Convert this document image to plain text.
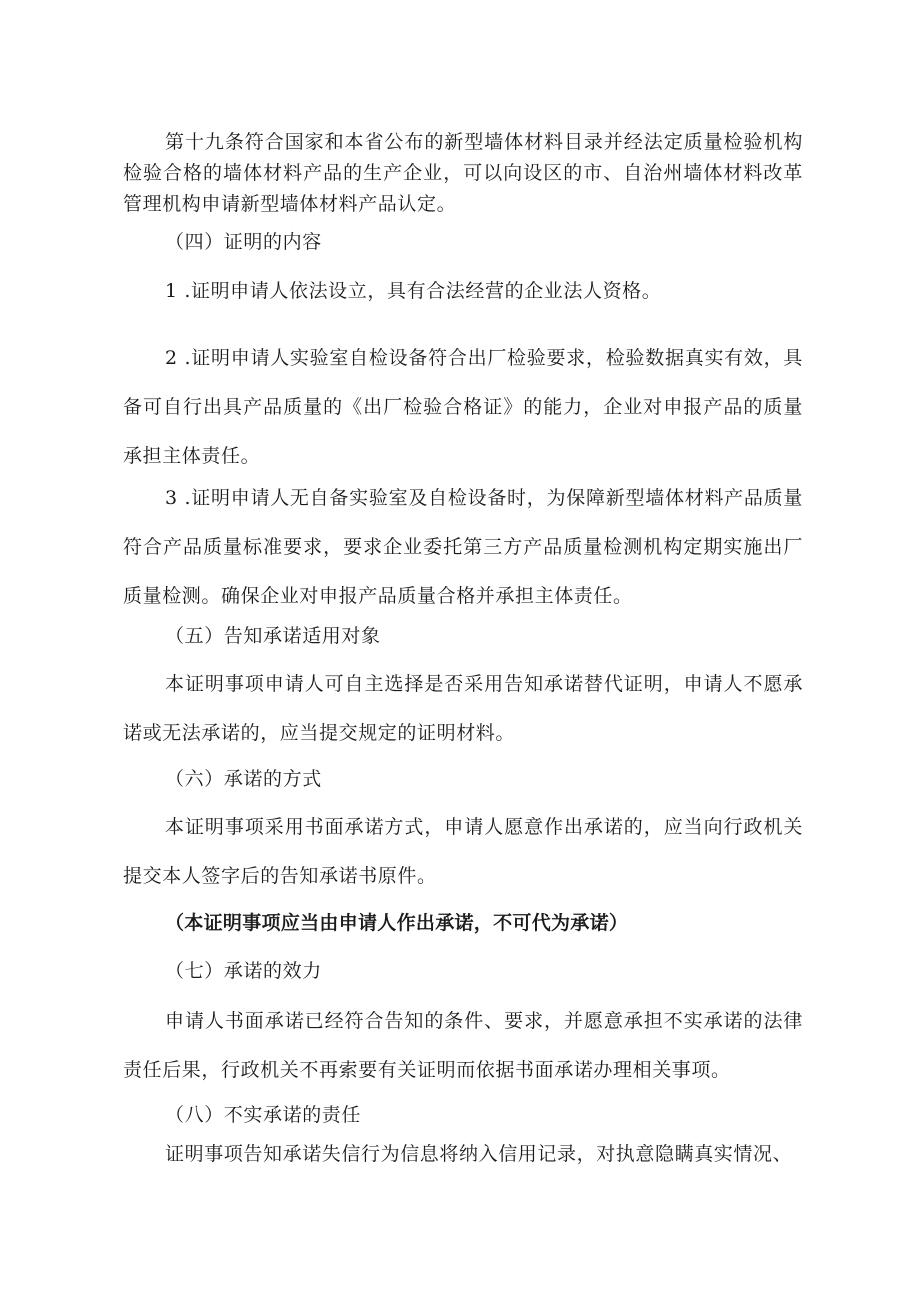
第十九条符合国家和本省公布的新型墙体材料目录并经法定质量检验机构检验合格的墙体材料产品的生产企业，可以向设区的市、自治州墙体材料改革管理机构申请新型墙体材料产品认定。

（四）证明的内容

1 .证明申请人依法设立，具有合法经营的企业法人资格。

2 .证明申请人实验室自检设备符合出厂检验要求，检验数据真实有效，具备可自行出具产品质量的《出厂检验合格证》的能力，企业对申报产品的质量承担主体责任。

3 .证明申请人无自备实验室及自检设备时，为保障新型墙体材料产品质量符合产品质量标准要求，要求企业委托第三方产品质量检测机构定期实施出厂质量检测。确保企业对申报产品质量合格并承担主体责任。

（五）告知承诺适用对象

本证明事项申请人可自主选择是否采用告知承诺替代证明，申请人不愿承诺或无法承诺的，应当提交规定的证明材料。

（六）承诺的方式

本证明事项采用书面承诺方式，申请人愿意作出承诺的，应当向行政机关提交本人签字后的告知承诺书原件。

（本证明事项应当由申请人作出承诺，不可代为承诺）

（七）承诺的效力

申请人书面承诺已经符合告知的条件、要求，并愿意承担不实承诺的法律责任后果，行政机关不再索要有关证明而依据书面承诺办理相关事项。

（八）不实承诺的责任

证明事项告知承诺失信行为信息将纳入信用记录，对执意隐瞒真实情况、
